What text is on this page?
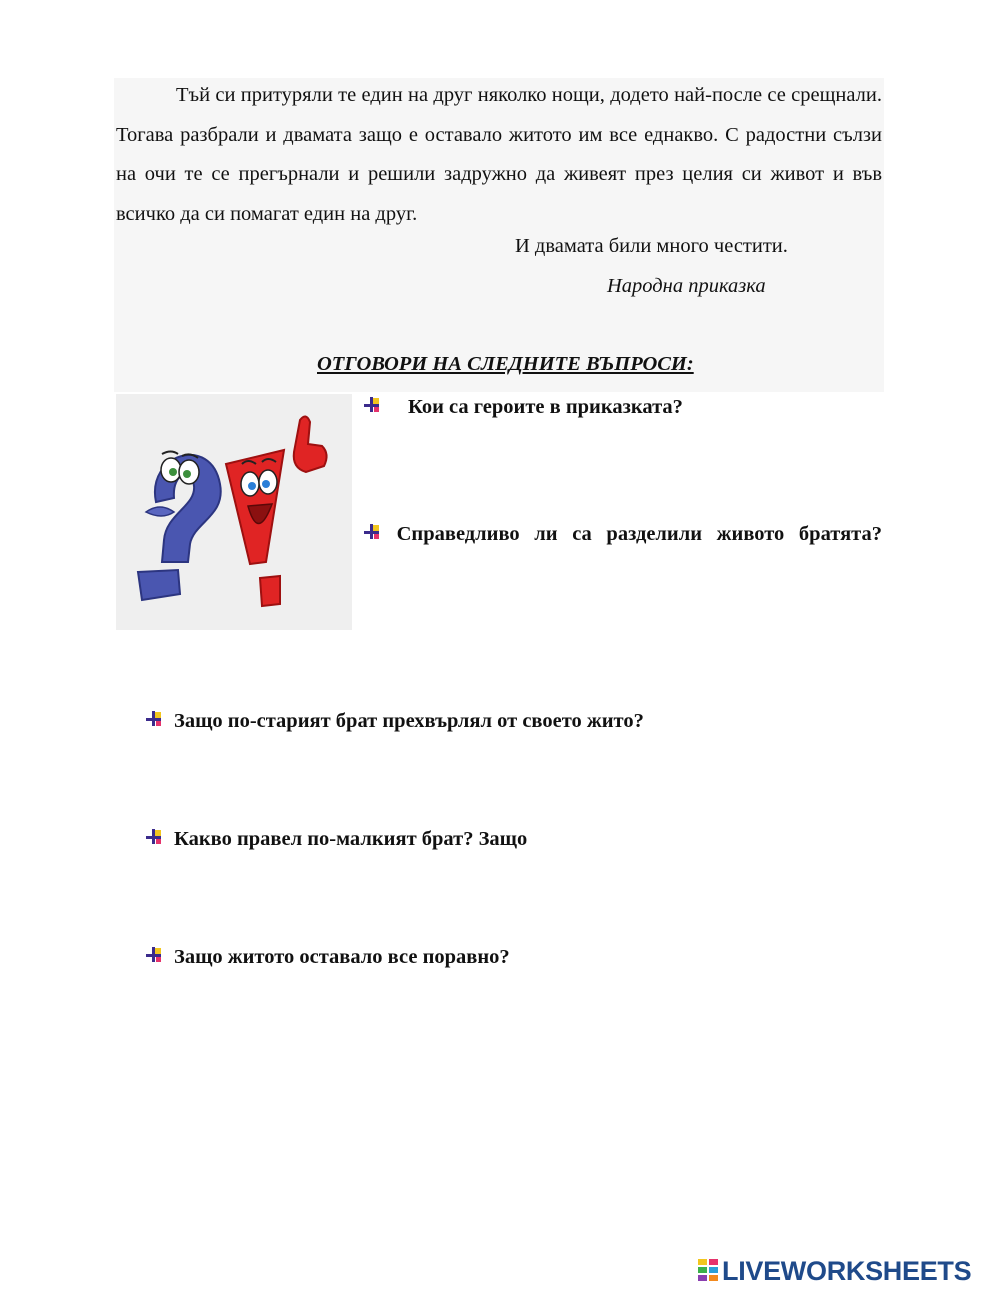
Тъй си притуряли те един на друг няколко нощи, додето най-после се срещнали. Тогава разбрали и двамата защо е оставало житото им все еднакво. С радостни сълзи на очи те се прегърнали и решили задружно да живеят през целия си живот и във всичко да си помагат един на друг.

И двамата били много честити.

Народна приказка

ОТГОВОРИ НА СЛЕДНИТЕ ВЪПРОСИ:

Кои са героите в приказката?
Справедливо ли са разделили живото братята?
Защо по-старият брат прехвърлял от своето жито?
Какво правел по-малкият брат? Защо
Защо житото оставало все поравно?
LIVEWORKSHEETS
